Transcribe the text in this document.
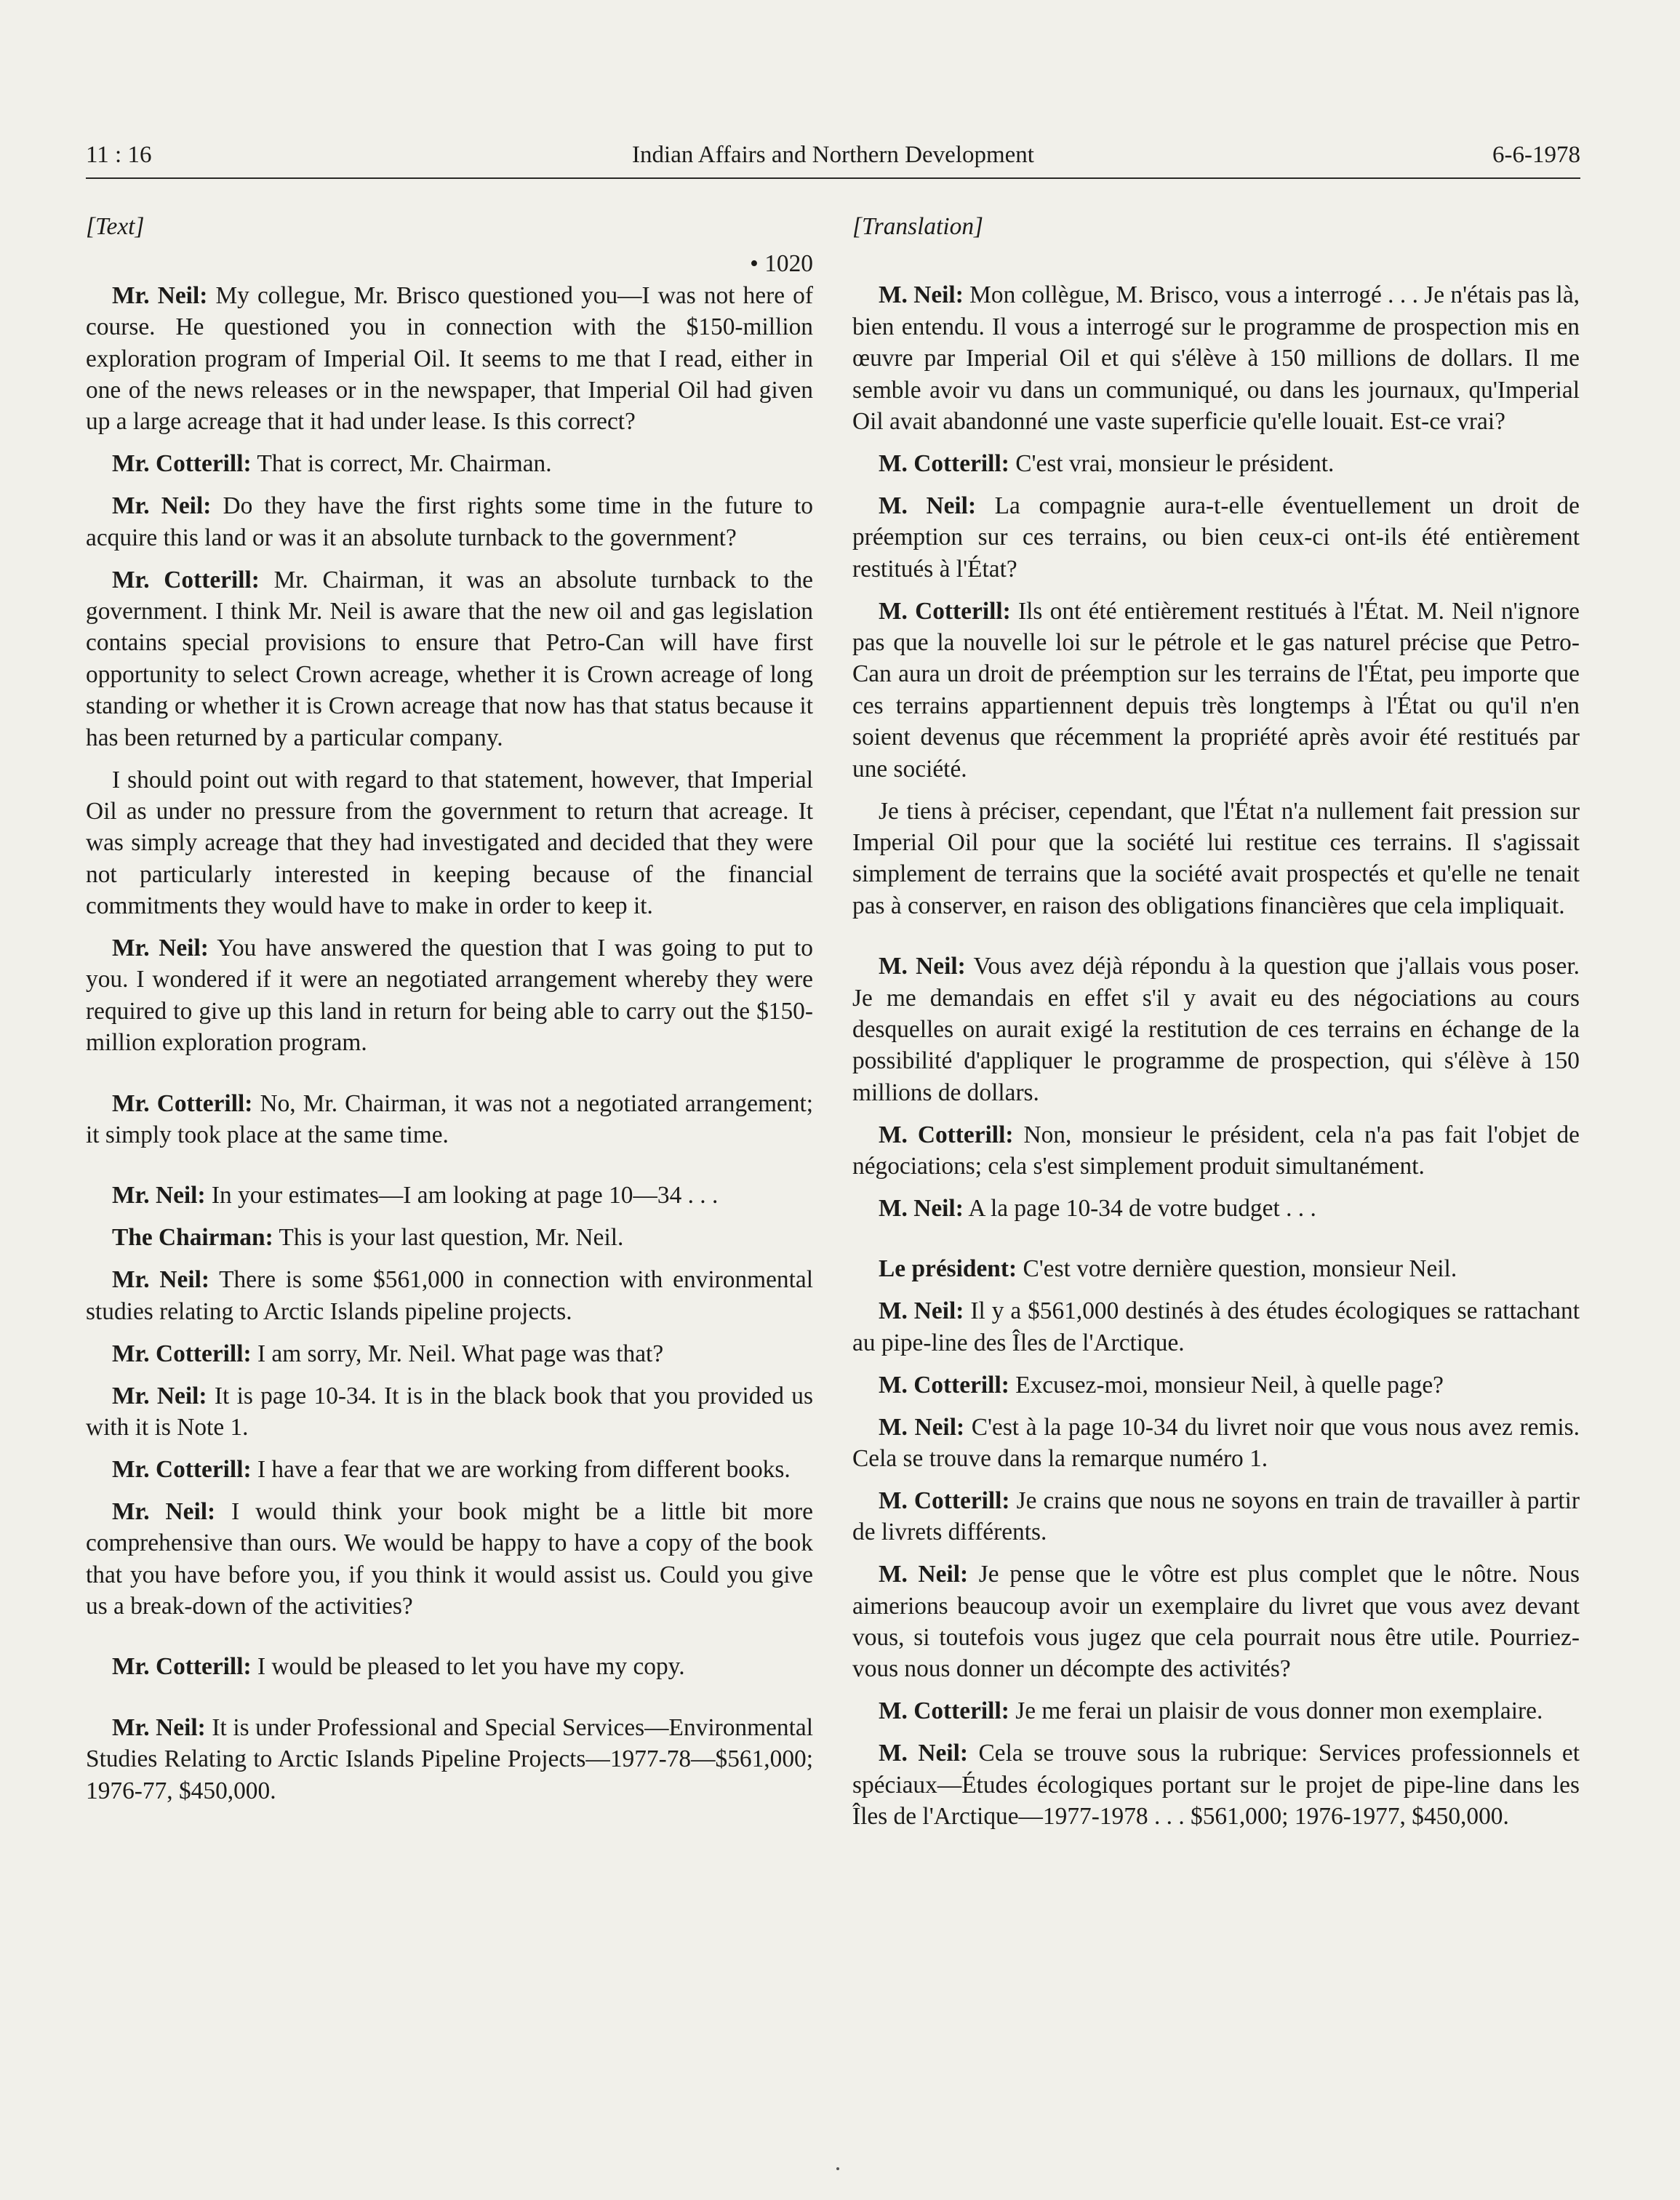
11 : 16	Indian Affairs and Northern Development	6-6-1978
[Text]
• 1020
Mr. Neil: My collegue, Mr. Brisco questioned you—I was not here of course. He questioned you in connection with the $150-million exploration program of Imperial Oil. It seems to me that I read, either in one of the news releases or in the newspaper, that Imperial Oil had given up a large acreage that it had under lease. Is this correct?
Mr. Cotterill: That is correct, Mr. Chairman.
Mr. Neil: Do they have the first rights some time in the future to acquire this land or was it an absolute turnback to the government?
Mr. Cotterill: Mr. Chairman, it was an absolute turnback to the government. I think Mr. Neil is aware that the new oil and gas legislation contains special provisions to ensure that Petro-Can will have first opportunity to select Crown acreage, whether it is Crown acreage of long standing or whether it is Crown acreage that now has that status because it has been returned by a particular company.
I should point out with regard to that statement, however, that Imperial Oil as under no pressure from the government to return that acreage. It was simply acreage that they had investigated and decided that they were not particularly interested in keeping because of the financial commitments they would have to make in order to keep it.
Mr. Neil: You have answered the question that I was going to put to you. I wondered if it were an negotiated arrangement whereby they were required to give up this land in return for being able to carry out the $150-million exploration program.
Mr. Cotterill: No, Mr. Chairman, it was not a negotiated arrangement; it simply took place at the same time.
Mr. Neil: In your estimates—I am looking at page 10—34 . . .
The Chairman: This is your last question, Mr. Neil.
Mr. Neil: There is some $561,000 in connection with environmental studies relating to Arctic Islands pipeline projects.
Mr. Cotterill: I am sorry, Mr. Neil. What page was that?
Mr. Neil: It is page 10-34. It is in the black book that you provided us with it is Note 1.
Mr. Cotterill: I have a fear that we are working from different books.
Mr. Neil: I would think your book might be a little bit more comprehensive than ours. We would be happy to have a copy of the book that you have before you, if you think it would assist us. Could you give us a break-down of the activities?
Mr. Cotterill: I would be pleased to let you have my copy.
Mr. Neil: It is under Professional and Special Services—Environmental Studies Relating to Arctic Islands Pipeline Projects—1977-78—$561,000; 1976-77, $450,000.
[Translation]
M. Neil: Mon collègue, M. Brisco, vous a interrogé . . . Je n'étais pas là, bien entendu. Il vous a interrogé sur le programme de prospection mis en œuvre par Imperial Oil et qui s'élève à 150 millions de dollars. Il me semble avoir vu dans un communiqué, ou dans les journaux, qu'Imperial Oil avait abandonné une vaste superficie qu'elle louait. Est-ce vrai?
M. Cotterill: C'est vrai, monsieur le président.
M. Neil: La compagnie aura-t-elle éventuellement un droit de préemption sur ces terrains, ou bien ceux-ci ont-ils été entièrement restitués à l'État?
M. Cotterill: Ils ont été entièrement restitués à l'État. M. Neil n'ignore pas que la nouvelle loi sur le pétrole et le gas naturel précise que Petro-Can aura un droit de préemption sur les terrains de l'État, peu importe que ces terrains appartiennent depuis très longtemps à l'État ou qu'il n'en soient devenus que récemment la propriété après avoir été restitués par une société.
Je tiens à préciser, cependant, que l'État n'a nullement fait pression sur Imperial Oil pour que la société lui restitue ces terrains. Il s'agissait simplement de terrains que la société avait prospectés et qu'elle ne tenait pas à conserver, en raison des obligations financières que cela impliquait.
M. Neil: Vous avez déjà répondu à la question que j'allais vous poser. Je me demandais en effet s'il y avait eu des négociations au cours desquelles on aurait exigé la restitution de ces terrains en échange de la possibilité d'appliquer le programme de prospection, qui s'élève à 150 millions de dollars.
M. Cotterill: Non, monsieur le président, cela n'a pas fait l'objet de négociations; cela s'est simplement produit simultanément.
M. Neil: A la page 10-34 de votre budget . . .
Le président: C'est votre dernière question, monsieur Neil.
M. Neil: Il y a $561,000 destinés à des études écologiques se rattachant au pipe-line des Îles de l'Arctique.
M. Cotterill: Excusez-moi, monsieur Neil, à quelle page?
M. Neil: C'est à la page 10-34 du livret noir que vous nous avez remis. Cela se trouve dans la remarque numéro 1.
M. Cotterill: Je crains que nous ne soyons en train de travailler à partir de livrets différents.
M. Neil: Je pense que le vôtre est plus complet que le nôtre. Nous aimerions beaucoup avoir un exemplaire du livret que vous avez devant vous, si toutefois vous jugez que cela pourrait nous être utile. Pourriez-vous nous donner un décompte des activités?
M. Cotterill: Je me ferai un plaisir de vous donner mon exemplaire.
M. Neil: Cela se trouve sous la rubrique: Services professionnels et spéciaux—Études écologiques portant sur le projet de pipe-line dans les Îles de l'Arctique—1977-1978 . . . $561,000; 1976-1977, $450,000.
